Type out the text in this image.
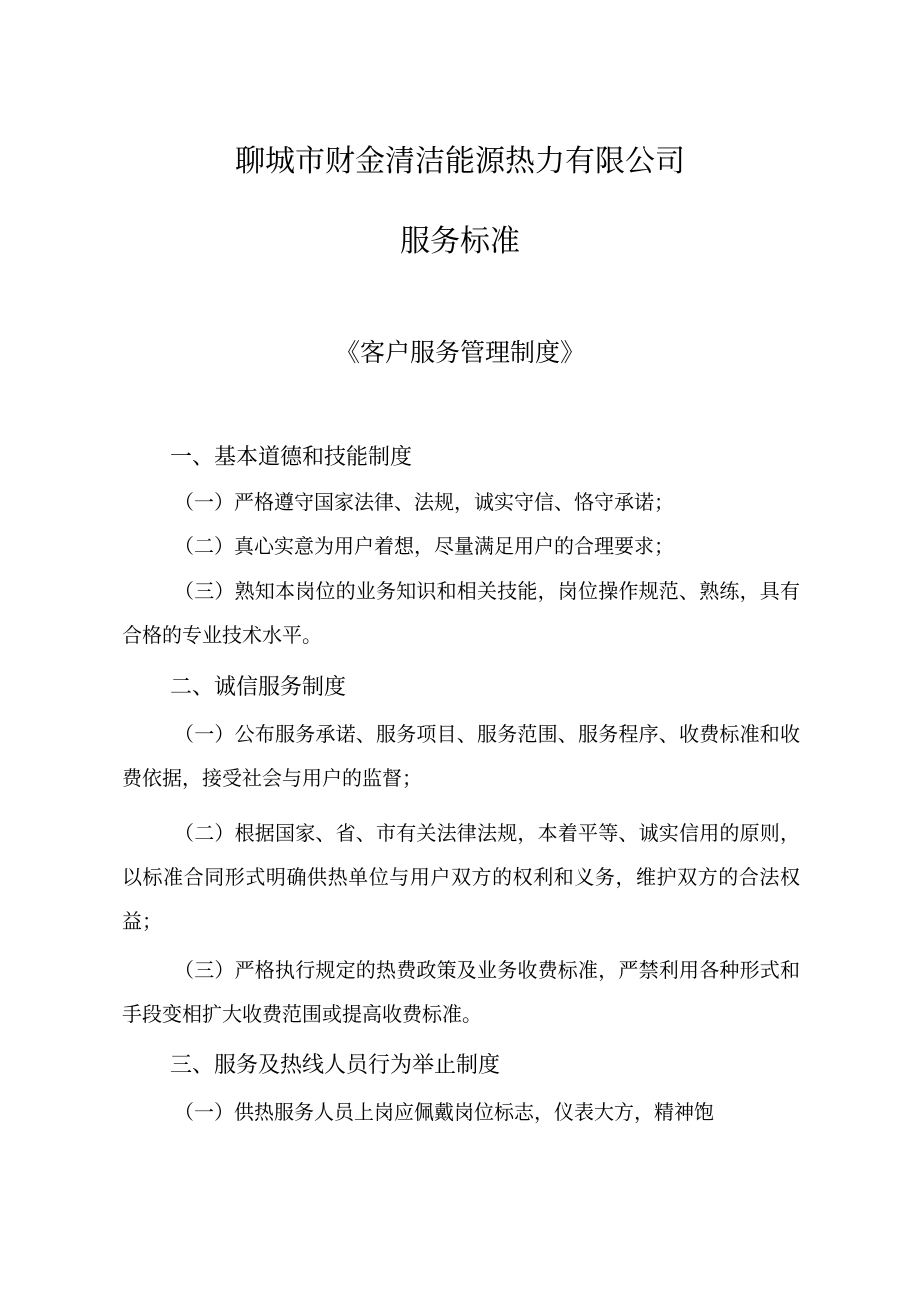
聊城市财金清洁能源热力有限公司
服务标准
《客户服务管理制度》
一、基本道德和技能制度

（一）严格遵守国家法律、法规，诚实守信、恪守承诺；

（二）真心实意为用户着想，尽量满足用户的合理要求；

（三）熟知本岗位的业务知识和相关技能，岗位操作规范、熟练，具有合格的专业技术水平。

二、诚信服务制度

（一）公布服务承诺、服务项目、服务范围、服务程序、收费标准和收费依据，接受社会与用户的监督；

（二）根据国家、省、市有关法律法规，本着平等、诚实信用的原则，以标准合同形式明确供热单位与用户双方的权利和义务，维护双方的合法权益；

（三）严格执行规定的热费政策及业务收费标准，严禁利用各种形式和手段变相扩大收费范围或提高收费标准。

三、服务及热线人员行为举止制度

（一）供热服务人员上岗应佩戴岗位标志，仪表大方，精神饱
